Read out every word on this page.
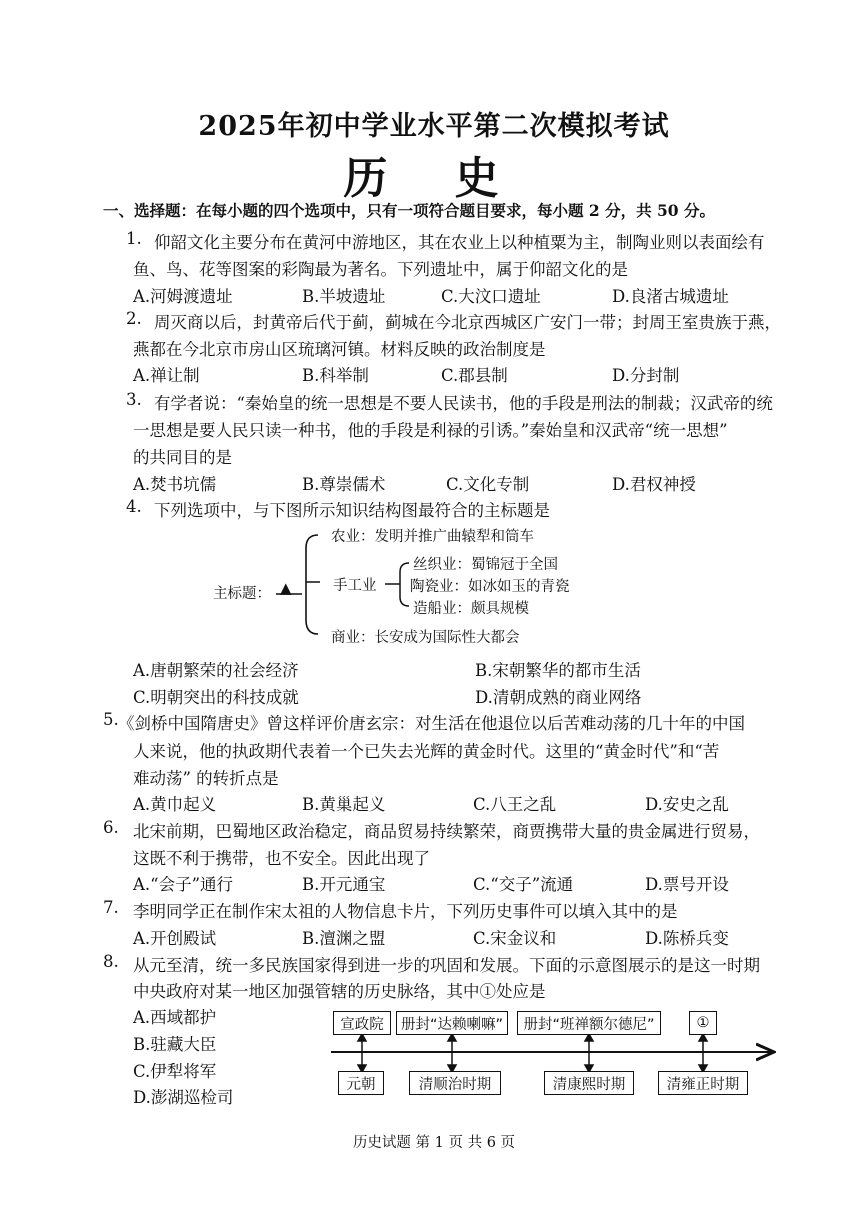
2025年初中学业水平第二次模拟考试
历 史
一、选择题：在每小题的四个选项中，只有一项符合题目要求，每小题 2 分，共 50 分。
1. 仰韶文化主要分布在黄河中游地区，其在农业上以种植粟为主，制陶业则以表面绘有
鱼、鸟、花等图案的彩陶最为著名。下列遗址中，属于仰韶文化的是
A.河姆渡遗址	B.半坡遗址	C.大汶口遗址	D.良渚古城遗址
2. 周灭商以后，封黄帝后代于蓟，蓟城在今北京西城区广安门一带；封周王室贵族于燕，
燕都在今北京市房山区琉璃河镇。材料反映的政治制度是
A.禅让制	B.科举制	C.郡县制	D.分封制
3. 有学者说：“秦始皇的统一思想是不要人民读书，他的手段是刑法的制裁；汉武帝的统
一思想是要人民只读一种书，他的手段是利禄的引诱。”秦始皇和汉武帝“统一思想”
的共同目的是
A.焚书坑儒	B.尊崇儒术	C.文化专制	D.君权神授
4. 下列选项中，与下图所示知识结构图最符合的主标题是
主标题： ▲
农业：发明并推广曲辕犁和筒车
手工业
丝织业：蜀锦冠于全国
陶瓷业：如冰如玉的青瓷
造船业：颇具规模
商业：长安成为国际性大都会
A.唐朝繁荣的社会经济	B.宋朝繁华的都市生活
C.明朝突出的科技成就	D.清朝成熟的商业网络
5. 《剑桥中国隋唐史》曾这样评价唐玄宗：对生活在他退位以后苦难动荡的几十年的中国
人来说，他的执政期代表着一个已失去光辉的黄金时代。这里的“黄金时代”和“苦
难动荡” 的转折点是
A.黄巾起义	B.黄巢起义	C.八王之乱	D.安史之乱
6. 北宋前期，巴蜀地区政治稳定，商品贸易持续繁荣，商贾携带大量的贵金属进行贸易，
这既不利于携带，也不安全。因此出现了
A.“会子”通行	B.开元通宝	C.“交子”流通	D.票号开设
7. 李明同学正在制作宋太祖的人物信息卡片，下列历史事件可以填入其中的是
A.开创殿试	B.澶渊之盟	C.宋金议和	D.陈桥兵变
8. 从元至清，统一多民族国家得到进一步的巩固和发展。下面的示意图展示的是这一时期
中央政府对某一地区加强管辖的历史脉络，其中①处应是
A.西域都护
B.驻藏大臣
C.伊犁将军
D.澎湖巡检司
宣政院	册封“达赖喇嘛”	册封“班禅额尔德尼”	①
元朝	清顺治时期	清康熙时期	清雍正时期
历史试题 第 1 页 共 6 页
